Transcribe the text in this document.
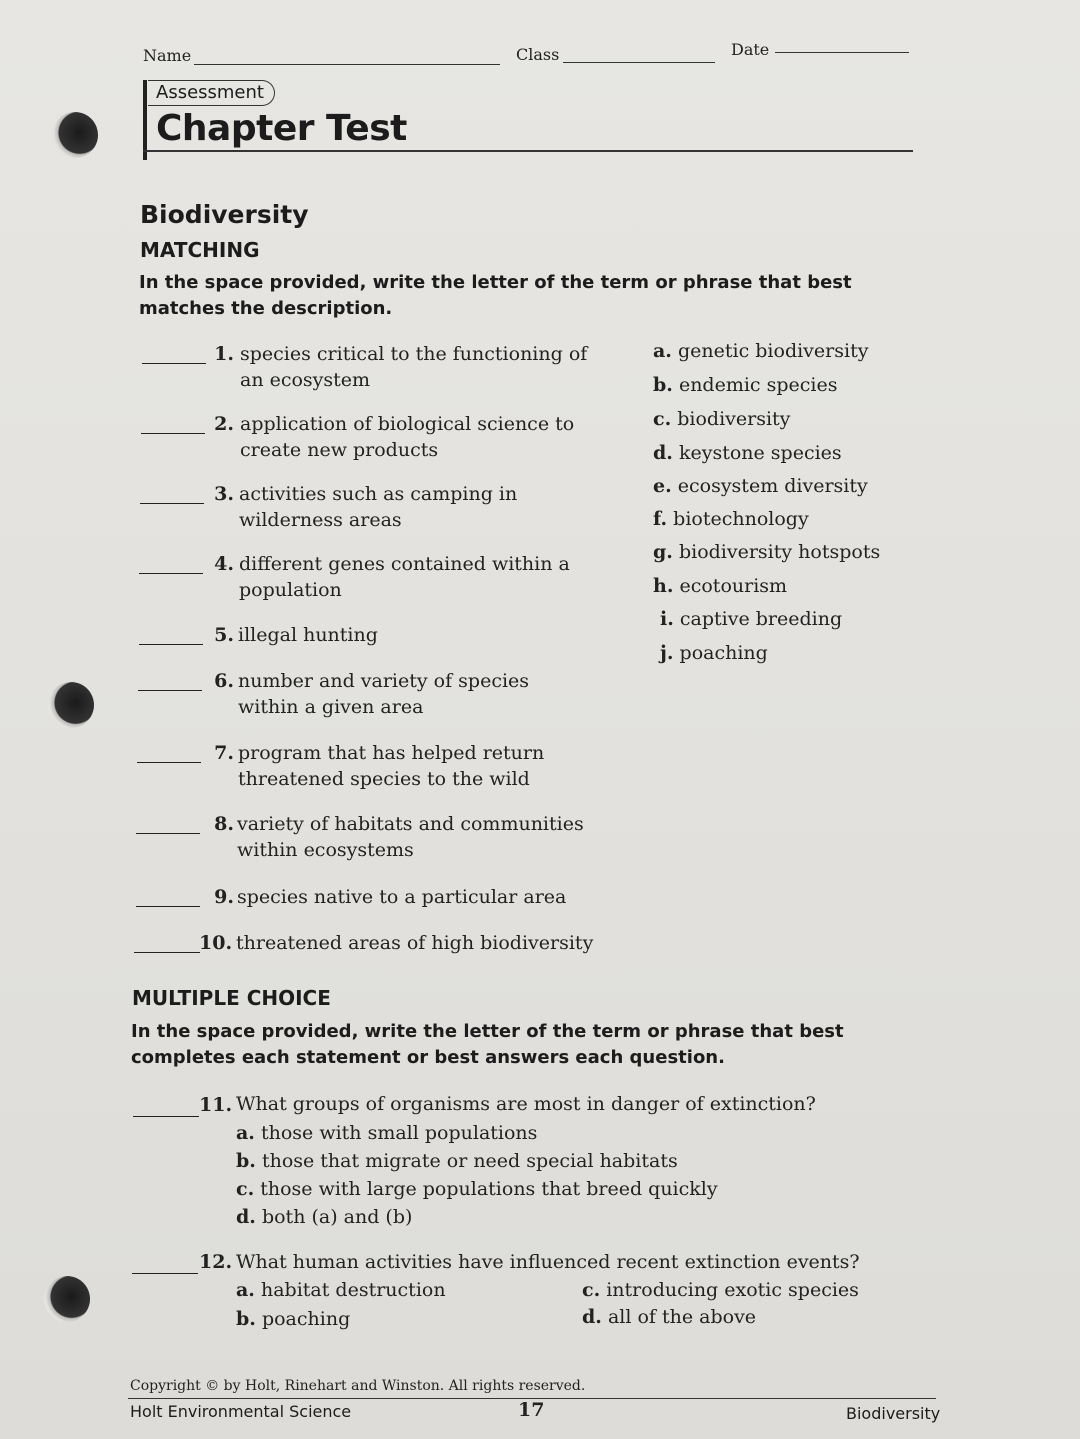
Name	Class	Date
Assessment
Chapter Test
Biodiversity
MATCHING
In the space provided, write the letter of the term or phrase that best matches the description.
1. species critical to the functioning of an ecosystem
2. application of biological science to create new products
3. activities such as camping in wilderness areas
4. different genes contained within a population
5. illegal hunting
6. number and variety of species within a given area
7. program that has helped return threatened species to the wild
8. variety of habitats and communities within ecosystems
9. species native to a particular area
10. threatened areas of high biodiversity
a. genetic biodiversity
b. endemic species
c. biodiversity
d. keystone species
e. ecosystem diversity
f. biotechnology
g. biodiversity hotspots
h. ecotourism
i. captive breeding
j. poaching
MULTIPLE CHOICE
In the space provided, write the letter of the term or phrase that best completes each statement or best answers each question.
11. What groups of organisms are most in danger of extinction?
a. those with small populations
b. those that migrate or need special habitats
c. those with large populations that breed quickly
d. both (a) and (b)
12. What human activities have influenced recent extinction events?
a. habitat destruction
b. poaching
c. introducing exotic species
d. all of the above
Copyright © by Holt, Rinehart and Winston. All rights reserved.
Holt Environmental Science	17	Biodiversity
